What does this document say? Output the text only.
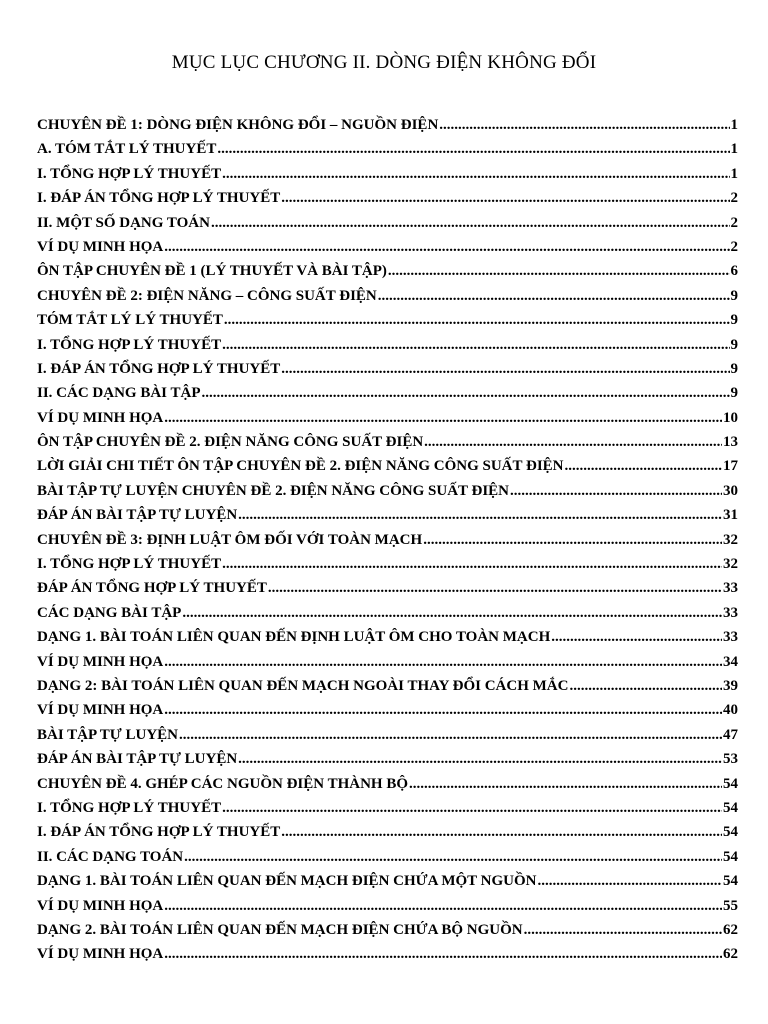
MỤC LỤC CHƯƠNG II. DÒNG ĐIỆN KHÔNG ĐỔI
CHUYÊN ĐỀ 1: DÒNG ĐIỆN KHÔNG ĐỔI – NGUỒN ĐIỆN .....	1
A. TÓM TẮT LÝ THUYẾT .....	1
I. TỔNG HỢP LÝ THUYẾT .....	1
I. ĐÁP ÁN TỔNG HỢP LÝ THUYẾT .....	2
II. MỘT SỐ DẠNG TOÁN .....	2
VÍ DỤ MINH HỌA .....	2
ÔN TẬP CHUYÊN ĐỀ 1 (LÝ THUYẾT VÀ BÀI TẬP) .....	6
CHUYÊN ĐỀ 2: ĐIỆN NĂNG – CÔNG SUẤT ĐIỆN .....	9
TÓM TẮT LÝ LÝ THUYẾT .....	9
I. TỔNG HỢP LÝ THUYẾT .....	9
I. ĐÁP ÁN TỔNG HỢP LÝ THUYẾT .....	9
II. CÁC DẠNG BÀI TẬP .....	9
VÍ DỤ MINH HỌA .....	10
ÔN TẬP CHUYÊN ĐỀ 2. ĐIỆN NĂNG CÔNG SUẤT ĐIỆN .....	13
LỜI GIẢI CHI TIẾT ÔN TẬP CHUYÊN ĐỀ 2. ĐIỆN NĂNG CÔNG SUẤT ĐIỆN .....	17
BÀI TẬP TỰ LUYỆN CHUYÊN ĐỀ 2. ĐIỆN NĂNG CÔNG SUẤT ĐIỆN .....	30
ĐÁP ÁN BÀI TẬP TỰ LUYỆN .....	31
CHUYÊN ĐỀ 3: ĐỊNH LUẬT ÔM ĐỐI VỚI TOÀN MẠCH .....	32
I. TỔNG HỢP LÝ THUYẾT .....	32
ĐÁP ÁN TỔNG HỢP LÝ THUYẾT .....	33
CÁC DẠNG BÀI TẬP .....	33
DẠNG 1. BÀI TOÁN LIÊN QUAN ĐẾN ĐỊNH LUẬT ÔM CHO TOÀN MẠCH .....	33
VÍ DỤ MINH HỌA .....	34
DẠNG 2: BÀI TOÁN LIÊN QUAN ĐẾN MẠCH NGOÀI THAY ĐỔI CÁCH MẮC .....	39
VÍ DỤ MINH HỌA .....	40
BÀI TẬP TỰ LUYỆN .....	47
ĐÁP ÁN BÀI TẬP TỰ LUYỆN .....	53
CHUYÊN ĐỀ 4. GHÉP CÁC NGUỒN ĐIỆN THÀNH BỘ .....	54
I. TỔNG HỢP LÝ THUYẾT .....	54
I. ĐÁP ÁN TỔNG HỢP LÝ THUYẾT .....	54
II. CÁC DẠNG TOÁN .....	54
DẠNG 1. BÀI TOÁN LIÊN QUAN ĐẾN MẠCH ĐIỆN CHỨA MỘT NGUỒN .....	54
VÍ DỤ MINH HỌA .....	55
DẠNG 2. BÀI TOÁN LIÊN QUAN ĐẾN MẠCH ĐIỆN CHỨA BỘ NGUỒN .....	62
VÍ DỤ MINH HỌA .....	62
